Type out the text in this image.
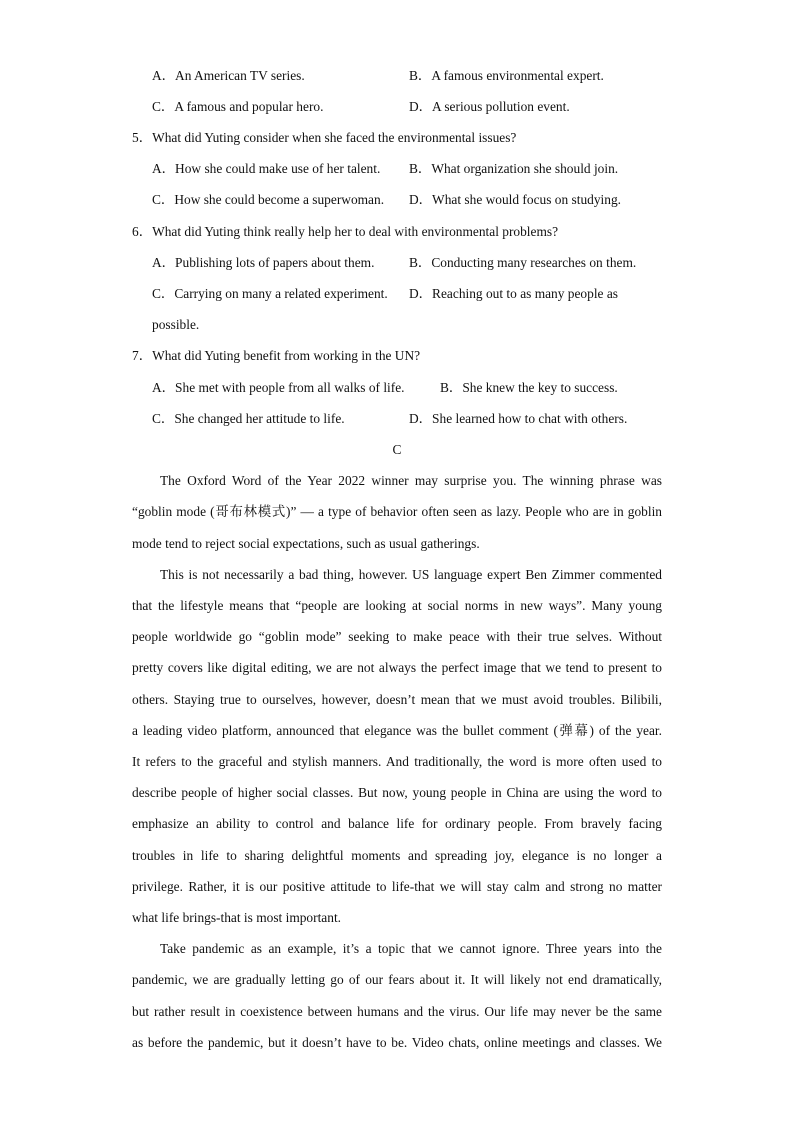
A．An American TV series.	B．A famous environmental expert.
C．A famous and popular hero.	D．A serious pollution event.
5．What did Yuting consider when she faced the environmental issues?
A．How she could make use of her talent. B．What organization she should join.
C．How she could become a superwoman. D．What she would focus on studying.
6．What did Yuting think really help her to deal with environmental problems?
A．Publishing lots of papers about them.	B．Conducting many researches on them.
C．Carrying on many a related experiment. D．Reaching out to as many people as
possible.
7．What did Yuting benefit from working in the UN?
A．She met with people from all walks of life.	B．She knew the key to success.
C．She changed her attitude to life.	D．She learned how to chat with others.
C
The Oxford Word of the Year 2022 winner may surprise you. The winning phrase was
“goblin mode (哥布林模式)” — a type of behavior often seen as lazy. People who are in goblin
mode tend to reject social expectations, such as usual gatherings.
This is not necessarily a bad thing, however. US language expert Ben Zimmer commented
that the lifestyle means that “people are looking at social norms in new ways”. Many young
people worldwide go “goblin mode” seeking to make peace with their true selves. Without
pretty covers like digital editing, we are not always the perfect image that we tend to present to
others. Staying true to ourselves, however, doesn’t mean that we must avoid troubles. Bilibili,
a leading video platform, announced that elegance was the bullet comment (弹幕) of the year.
It refers to the graceful and stylish manners. And traditionally, the word is more often used to
describe people of higher social classes. But now, young people in China are using the word to
emphasize an ability to control and balance life for ordinary people. From bravely facing
troubles in life to sharing delightful moments and spreading joy, elegance is no longer a
privilege. Rather, it is our positive attitude to life-that we will stay calm and strong no matter
what life brings-that is most important.
Take pandemic as an example, it’s a topic that we cannot ignore. Three years into the
pandemic, we are gradually letting go of our fears about it. It will likely not end dramatically,
but rather result in coexistence between humans and the virus. Our life may never be the same
as before the pandemic, but it doesn’t have to be. Video chats, online meetings and classes. We
